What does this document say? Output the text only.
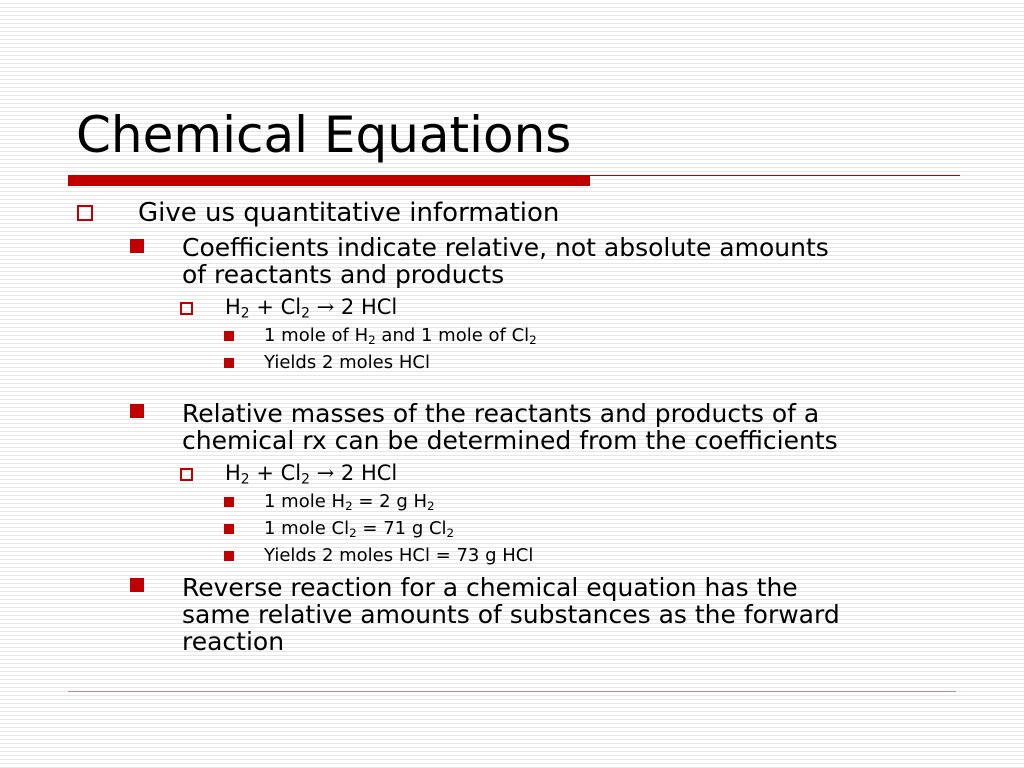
Chemical Equations

Give us quantitative information

Coefficients indicate relative, not absolute amounts
of reactants and products

$H_2 + Cl_2 \to 2$ HCl

1 mole of $H_2$ and 1 mole of $Cl_2$

Yields 2 moles HCl

Relative masses of the reactants and products of a
chemical rx can be determined from the coefficients

$H_2 + Cl_2 \to 2$ HCl

1 mole $H_2 = 2$ g $H_2$

1 mole $Cl_2 = 71$ g $Cl_2$

Yields 2 moles HCl = 73 g HCl

Reverse reaction for a chemical equation has the
same relative amounts of substances as the forward
reaction
